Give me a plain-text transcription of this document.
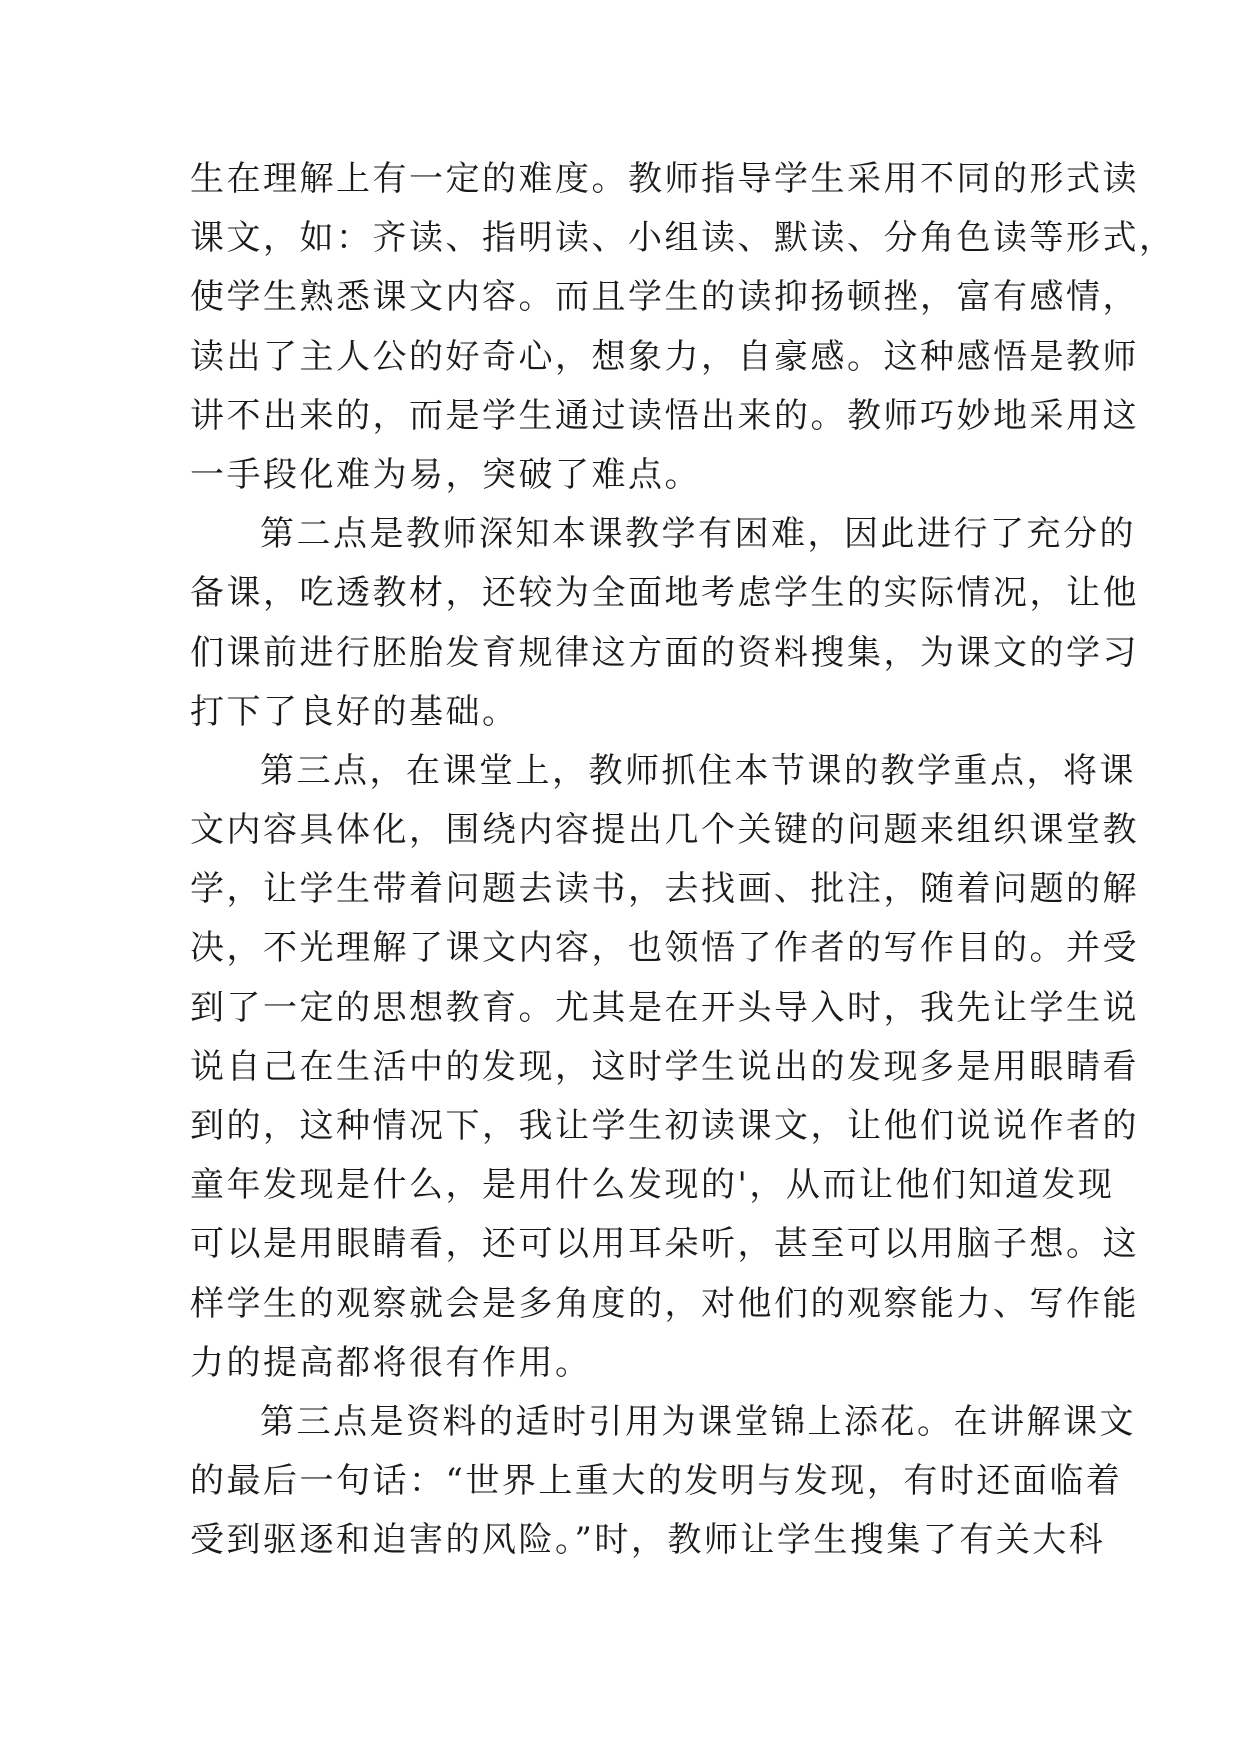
生在理解上有一定的难度。教师指导学生采用不同的形式读
课文，如：齐读、指明读、小组读、默读、分角色读等形式，
使学生熟悉课文内容。而且学生的读抑扬顿挫，富有感情，
读出了主人公的好奇心，想象力，自豪感。这种感悟是教师
讲不出来的，而是学生通过读悟出来的。教师巧妙地采用这
一手段化难为易，突破了难点。
第二点是教师深知本课教学有困难，因此进行了充分的
备课，吃透教材，还较为全面地考虑学生的实际情况，让他
们课前进行胚胎发育规律这方面的资料搜集，为课文的学习
打下了良好的基础。
第三点，在课堂上，教师抓住本节课的教学重点，将课
文内容具体化，围绕内容提出几个关键的问题来组织课堂教
学，让学生带着问题去读书，去找画、批注，随着问题的解
决，不光理解了课文内容，也领悟了作者的写作目的。并受
到了一定的思想教育。尤其是在开头导入时，我先让学生说
说自己在生活中的发现，这时学生说出的发现多是用眼睛看
到的，这种情况下，我让学生初读课文，让他们说说作者的
童年发现是什么，是用什么发现的'，从而让他们知道发现
可以是用眼睛看，还可以用耳朵听，甚至可以用脑子想。这
样学生的观察就会是多角度的，对他们的观察能力、写作能
力的提高都将很有作用。
第三点是资料的适时引用为课堂锦上添花。在讲解课文
的最后一句话：“世界上重大的发明与发现，有时还面临着
受到驱逐和迫害的风险。”时，教师让学生搜集了有关大科
